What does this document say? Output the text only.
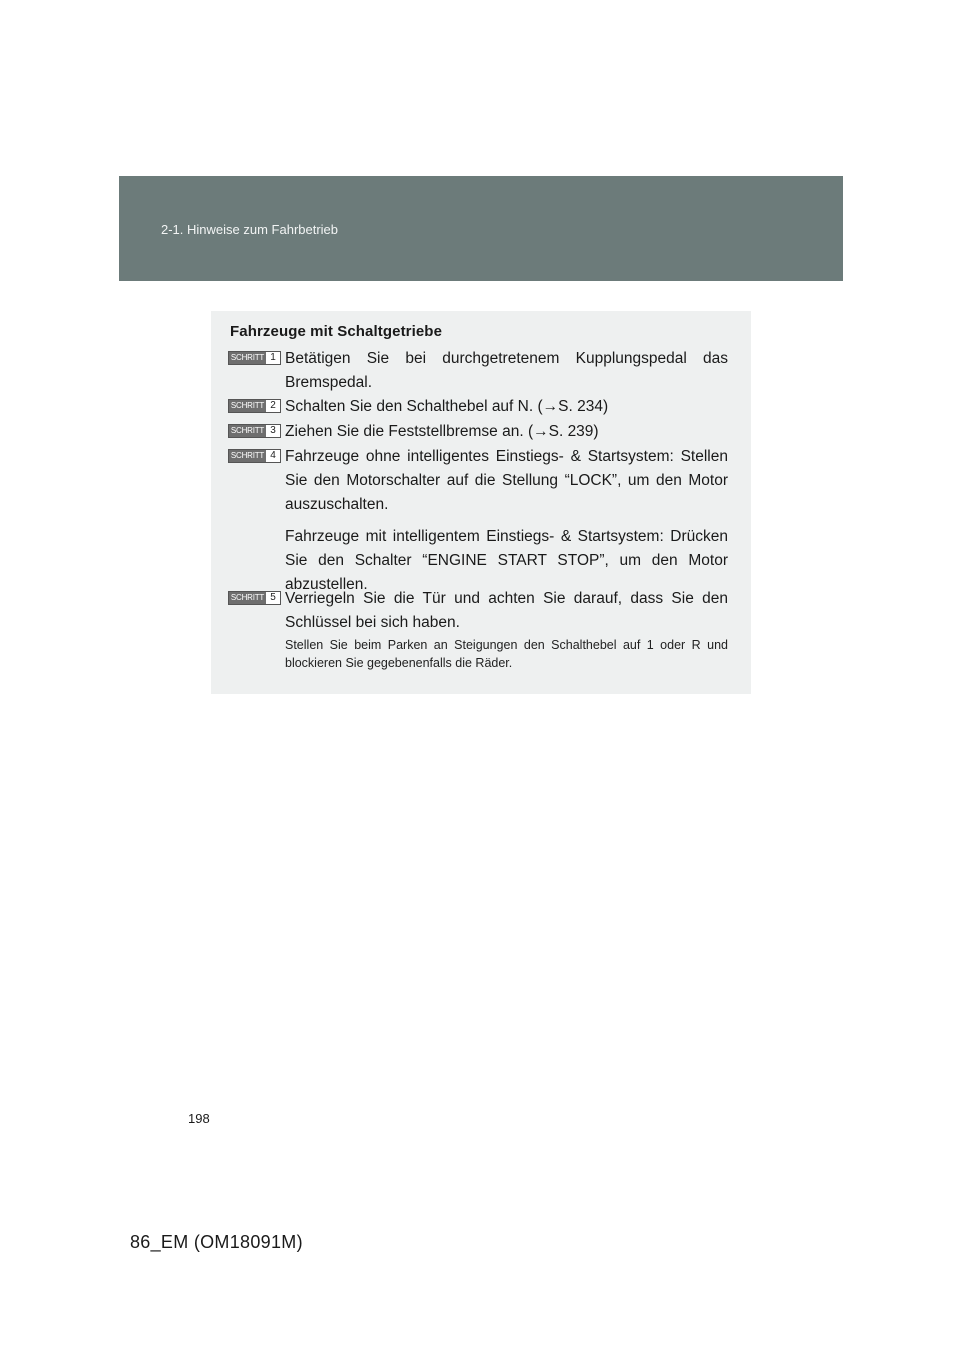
2-1. Hinweise zum Fahrbetrieb
Fahrzeuge mit Schaltgetriebe
SCHRITT 1 Betätigen Sie bei durchgetretenem Kupplungspedal das Bremspedal.

SCHRITT 2 Schalten Sie den Schalthebel auf N. (→S. 234)

SCHRITT 3 Ziehen Sie die Feststellbremse an. (→S. 239)

SCHRITT 4 Fahrzeuge ohne intelligentes Einstiegs- & Startsystem: Stellen Sie den Motorschalter auf die Stellung “LOCK”, um den Motor auszuschalten.

Fahrzeuge mit intelligentem Einstiegs- & Startsystem: Drücken Sie den Schalter “ENGINE START STOP”, um den Motor abzustellen.

SCHRITT 5 Verriegeln Sie die Tür und achten Sie darauf, dass Sie den Schlüssel bei sich haben.

Stellen Sie beim Parken an Steigungen den Schalthebel auf 1 oder R und blockieren Sie gegebenenfalls die Räder.
198
86_EM (OM18091M)
